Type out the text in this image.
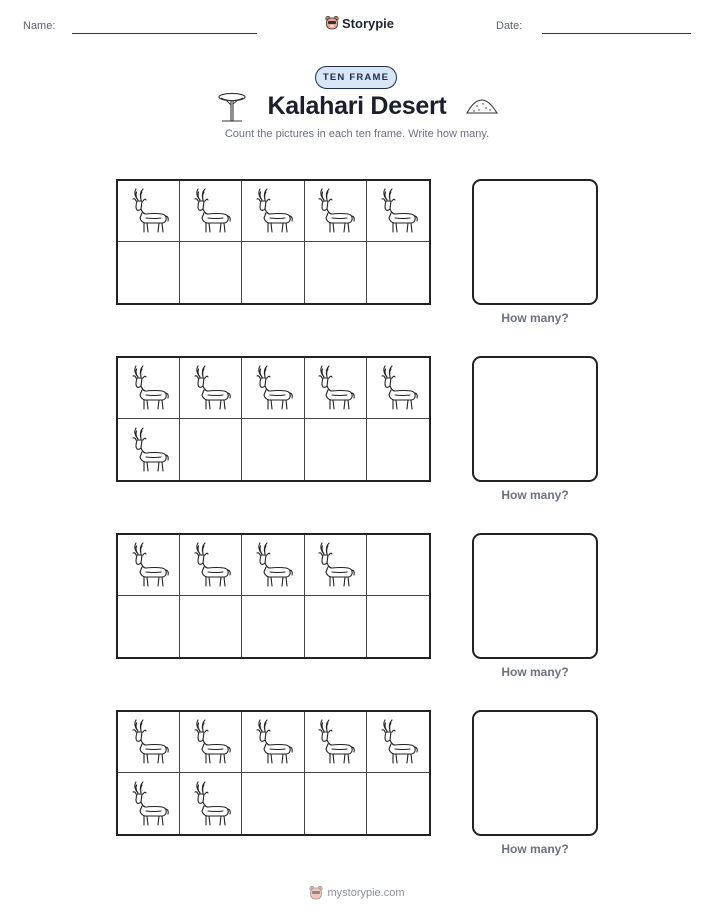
Name:	Storypie	Date:
TEN FRAME
Kalahari Desert
Count the pictures in each ten frame. Write how many.
How many?
How many?
How many?
How many?
mystorypie.com
